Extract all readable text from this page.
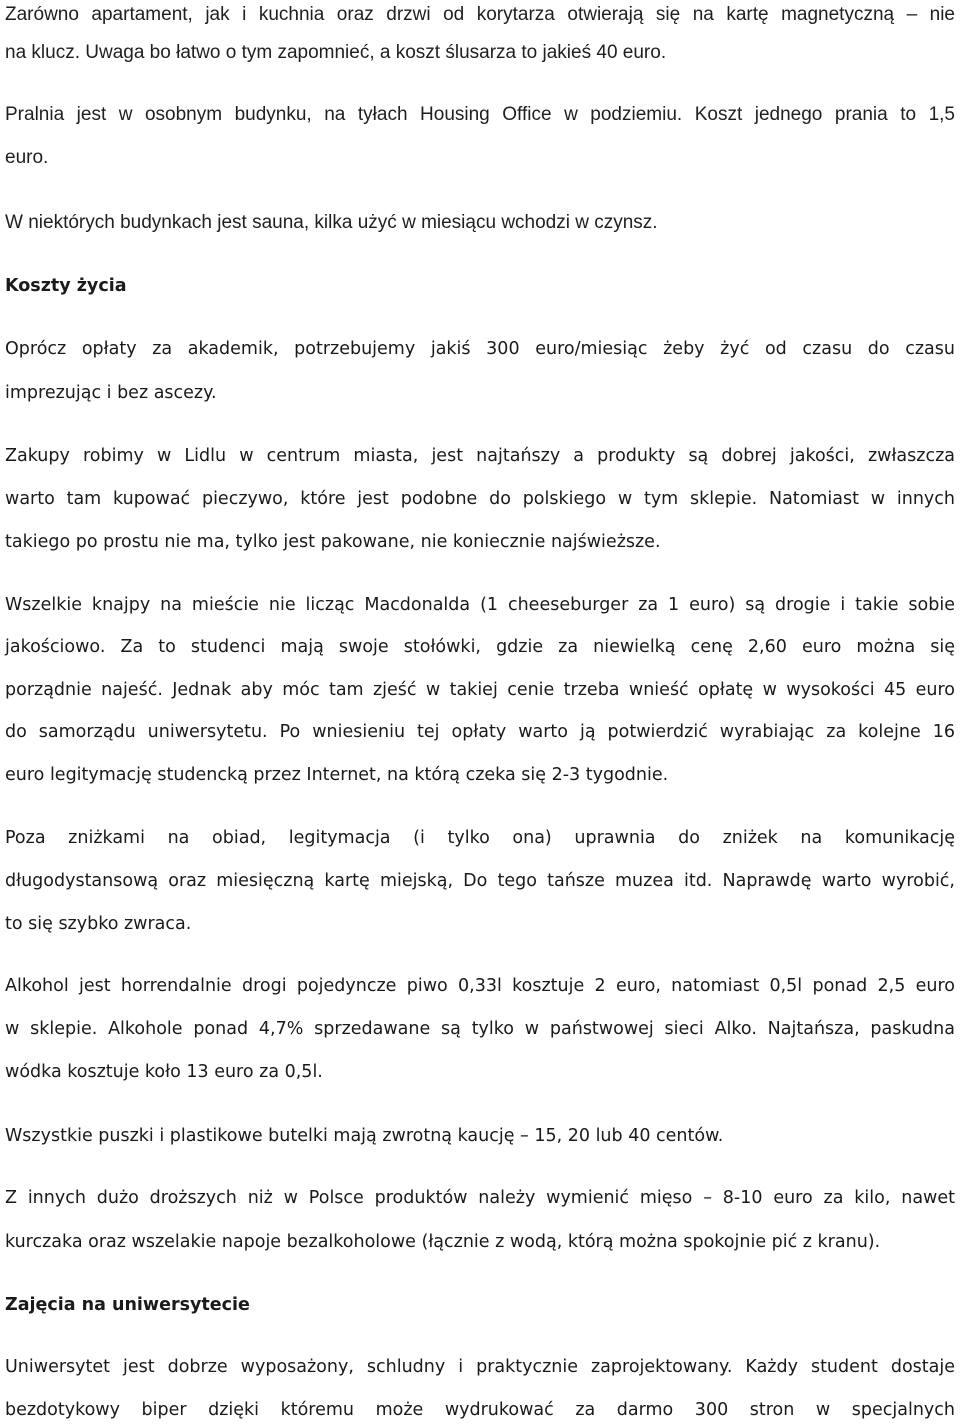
Zarówno apartament, jak i kuchnia oraz drzwi od korytarza otwierają się na kartę magnetyczną – nie
na klucz. Uwaga bo łatwo o tym zapomnieć, a koszt ślusarza to jakieś 40 euro.
Pralnia jest w osobnym budynku, na tyłach Housing Office w podziemiu. Koszt jednego prania to 1,5
euro.
W niektórych budynkach jest sauna, kilka użyć w miesiącu wchodzi w czynsz.
Koszty życia
Oprócz opłaty za akademik, potrzebujemy jakiś 300 euro/miesiąc żeby żyć od czasu do czasu
imprezując i bez ascezy.
Zakupy robimy w Lidlu w centrum miasta, jest najtańszy a produkty są dobrej jakości, zwłaszcza
warto tam kupować pieczywo, które jest podobne do polskiego w tym sklepie. Natomiast w innych
takiego po prostu nie ma, tylko jest pakowane, nie koniecznie najświeższe.
Wszelkie knajpy na mieście nie licząc Macdonalda (1 cheeseburger za 1 euro) są drogie i takie sobie
jakościowo. Za to studenci mają swoje stołówki, gdzie za niewielką cenę 2,60 euro można się
porządnie najeść. Jednak aby móc tam zjeść w takiej cenie trzeba wnieść opłatę w wysokości 45 euro
do samorządu uniwersytetu. Po wniesieniu tej opłaty warto ją potwierdzić wyrabiając za kolejne 16
euro legitymację studencką przez Internet, na którą czeka się 2-3 tygodnie.
Poza zniżkami na obiad, legitymacja (i tylko ona) uprawnia do zniżek na komunikację
długodystansową oraz miesięczną kartę miejską, Do tego tańsze muzea itd. Naprawdę warto wyrobić,
to się szybko zwraca.
Alkohol jest horrendalnie drogi pojedyncze piwo 0,33l kosztuje 2 euro, natomiast 0,5l ponad 2,5 euro
w sklepie. Alkohole ponad 4,7% sprzedawane są tylko w państwowej sieci Alko. Najtańsza, paskudna
wódka kosztuje koło 13 euro za 0,5l.
Wszystkie puszki i plastikowe butelki mają zwrotną kaucję – 15, 20 lub 40 centów.
Z innych dużo droższych niż w Polsce produktów należy wymienić mięso – 8-10 euro za kilo, nawet
kurczaka oraz wszelakie napoje bezalkoholowe (łącznie z wodą, którą można spokojnie pić z kranu).
Zajęcia na uniwersytecie
Uniwersytet jest dobrze wyposażony, schludny i praktycznie zaprojektowany. Każdy student dostaje
bezdotykowy biper dzięki któremu może wydrukować za darmo 300 stron w specjalnych
